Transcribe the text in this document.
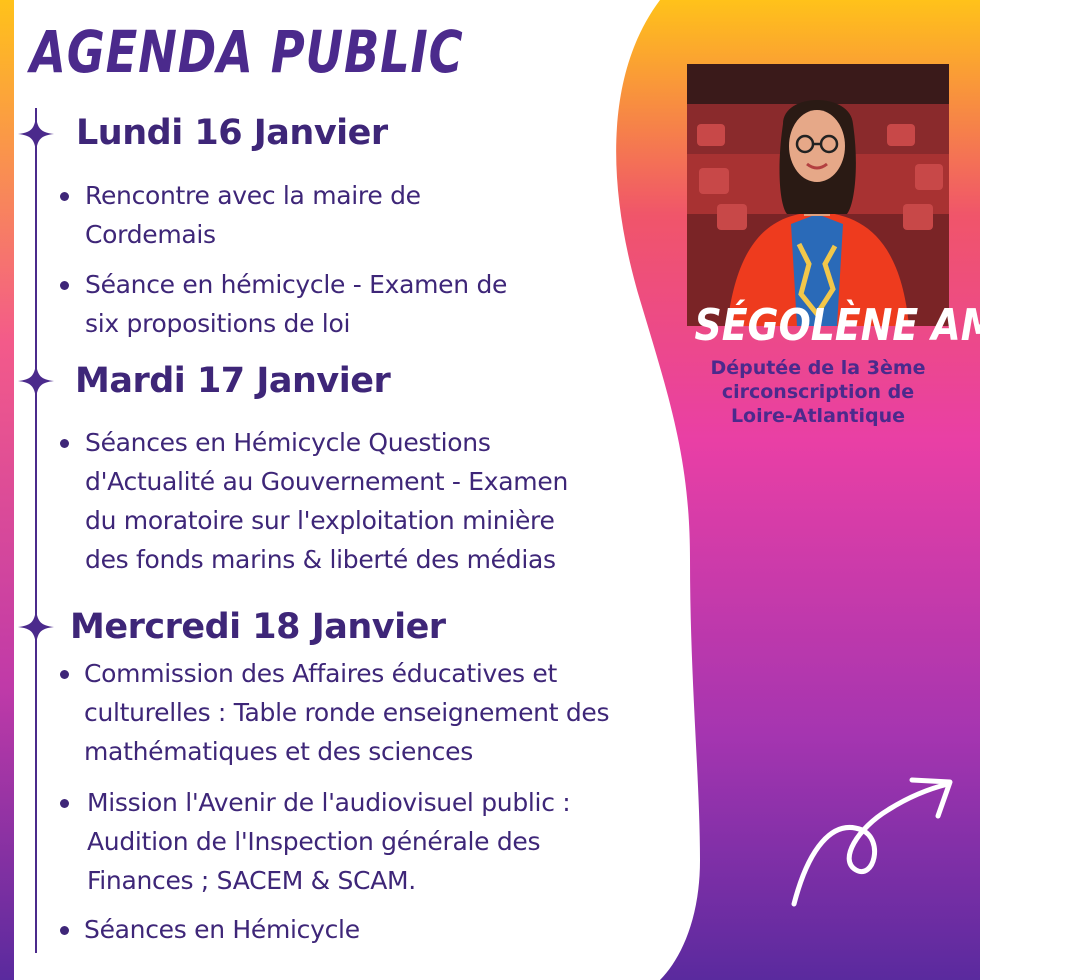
AGENDA PUBLIC
Lundi 16 Janvier

Rencontre avec la maire de
Cordemais

Séance en hémicycle - Examen de
six propositions de loi

Mardi 17 Janvier

Séances en Hémicycle Questions
d'Actualité au Gouvernement - Examen
du moratoire sur l'exploitation minière
des fonds marins & liberté des médias

Mercredi 18 Janvier

Commission des Affaires éducatives et
culturelles : Table ronde enseignement des
mathématiques et des sciences

Mission l'Avenir de l'audiovisuel public :
Audition de l'Inspection générale des
Finances ; SACEM & SCAM.

Séances en Hémicycle

SÉGOLÈNE AMIOT

Députée de la 3ème
circonscription de
Loire-Atlantique
